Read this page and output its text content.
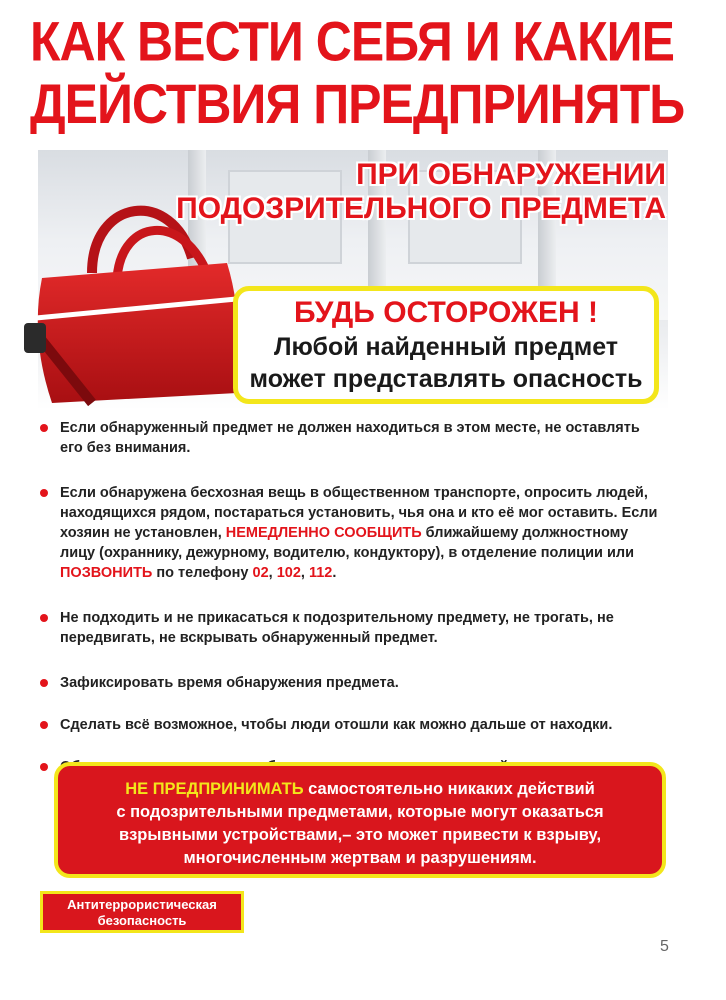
КАК ВЕСТИ СЕБЯ И КАКИЕ
ДЕЙСТВИЯ ПРЕДПРИНЯТЬ
ПРИ ОБНАРУЖЕНИИ
ПОДОЗРИТЕЛЬНОГО ПРЕДМЕТА
БУДЬ ОСТОРОЖЕН !
Любой найденный предмет
может представлять опасность
Если обнаруженный предмет не должен находиться в этом месте, не оставлять его без внимания.
Если обнаружена бесхозная вещь в общественном транспорте, опросить людей, находящихся рядом, постараться установить, чья она и кто её мог оставить. Если хозяин не установлен, НЕМЕДЛЕННО СООБЩИТЬ ближайшему должностному лицу (охраннику, дежурному, водителю, кондуктору), в отделение полиции или ПОЗВОНИТЬ по телефону 02, 102, 112.
Не подходить и не прикасаться к подозрительному предмету, не трогать, не передвигать, не вскрывать обнаруженный предмет.
Зафиксировать время обнаружения предмета.
Сделать всё возможное, чтобы люди отошли как можно дальше от находки.
НЕ ПРЕДПРИНИМАТЬ самостоятельно никаких действий
с подозрительными предметами, которые могут оказаться
взрывными устройствами,– это может привести к взрыву,
многочисленным жертвам и разрушениям.
Антитеррористическая
безопасность
5
